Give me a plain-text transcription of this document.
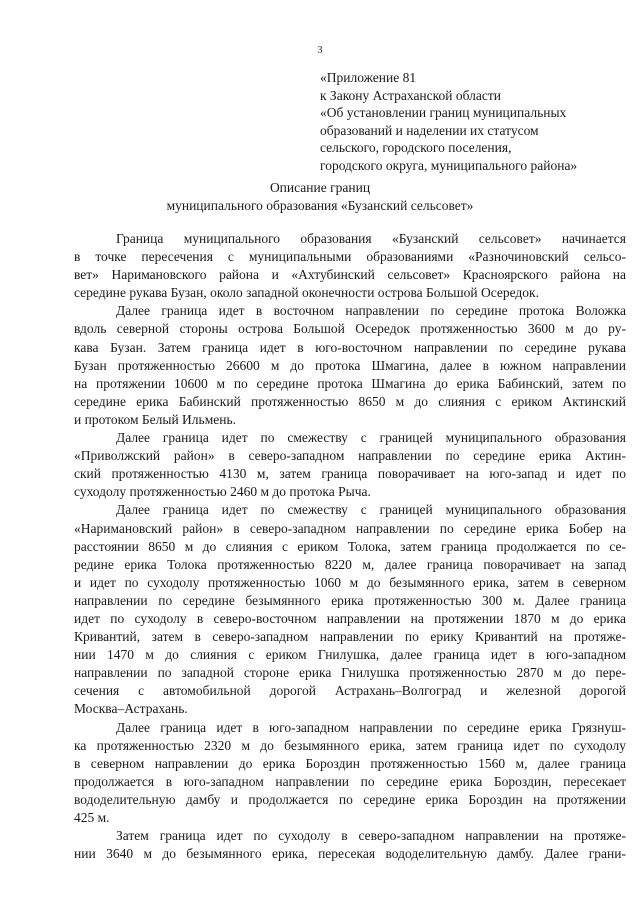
3
«Приложение 81
к Закону Астраханской области
«Об установлении границ муниципальных
образований и наделении их статусом
сельского, городского поселения,
городского округа, муниципального района»
Описание границ
муниципального образования «Бузанский сельсовет»
Граница муниципального образования «Бузанский сельсовет» начинается
в точке пересечения с муниципальными образованиями «Разночиновский сельсо-
вет» Наримановского района и «Ахтубинский сельсовет» Красноярского района на
середине рукава Бузан, около западной оконечности острова Большой Осередок.
Далее граница идет в восточном направлении по середине протока Воложка
вдоль северной стороны острова Большой Осередок протяженностью 3600 м до ру-
кава Бузан. Затем граница идет в юго-восточном направлении по середине рукава
Бузан протяженностью 26600 м до протока Шмагина, далее в южном направлении
на протяжении 10600 м по середине протока Шмагина до ерика Бабинский, затем по
середине ерика Бабинский протяженностью 8650 м до слияния с ериком Актинский
и протоком Белый Ильмень.
Далее граница идет по смежеству с границей муниципального образования
«Приволжский район» в северо-западном направлении по середине ерика Актин-
ский протяженностью 4130 м, затем граница поворачивает на юго-запад и идет по
суходолу протяженностью 2460 м до протока Рыча.
Далее граница идет по смежеству с границей муниципального образования
«Наримановский район» в северо-западном направлении по середине ерика Бобер на
расстоянии 8650 м до слияния с ериком Толока, затем граница продолжается по се-
редине ерика Толока протяженностью 8220 м, далее граница поворачивает на запад
и идет по суходолу протяженностью 1060 м до безымянного ерика, затем в северном
направлении по середине безымянного ерика протяженностью 300 м. Далее граница
идет по суходолу в северо-восточном направлении на протяжении 1870 м до ерика
Кривантий, затем в северо-западном направлении по ерику Кривантий на протяже-
нии 1470 м до слияния с ериком Гнилушка, далее граница идет в юго-западном
направлении по западной стороне ерика Гнилушка протяженностью 2870 м до пере-
сечения с автомобильной дорогой Астрахань–Волгоград и железной дорогой
Москва–Астрахань.
Далее граница идет в юго-западном направлении по середине ерика Грязнуш-
ка протяженностью 2320 м до безымянного ерика, затем граница идет по суходолу
в северном направлении до ерика Бороздин протяженностью 1560 м, далее граница
продолжается в юго-западном направлении по середине ерика Бороздин, пересекает
вододелительную дамбу и продолжается по середине ерика Бороздин на протяжении
425 м.
Затем граница идет по суходолу в северо-западном направлении на протяже-
нии 3640 м до безымянного ерика, пересекая вододелительную дамбу. Далее грани-
